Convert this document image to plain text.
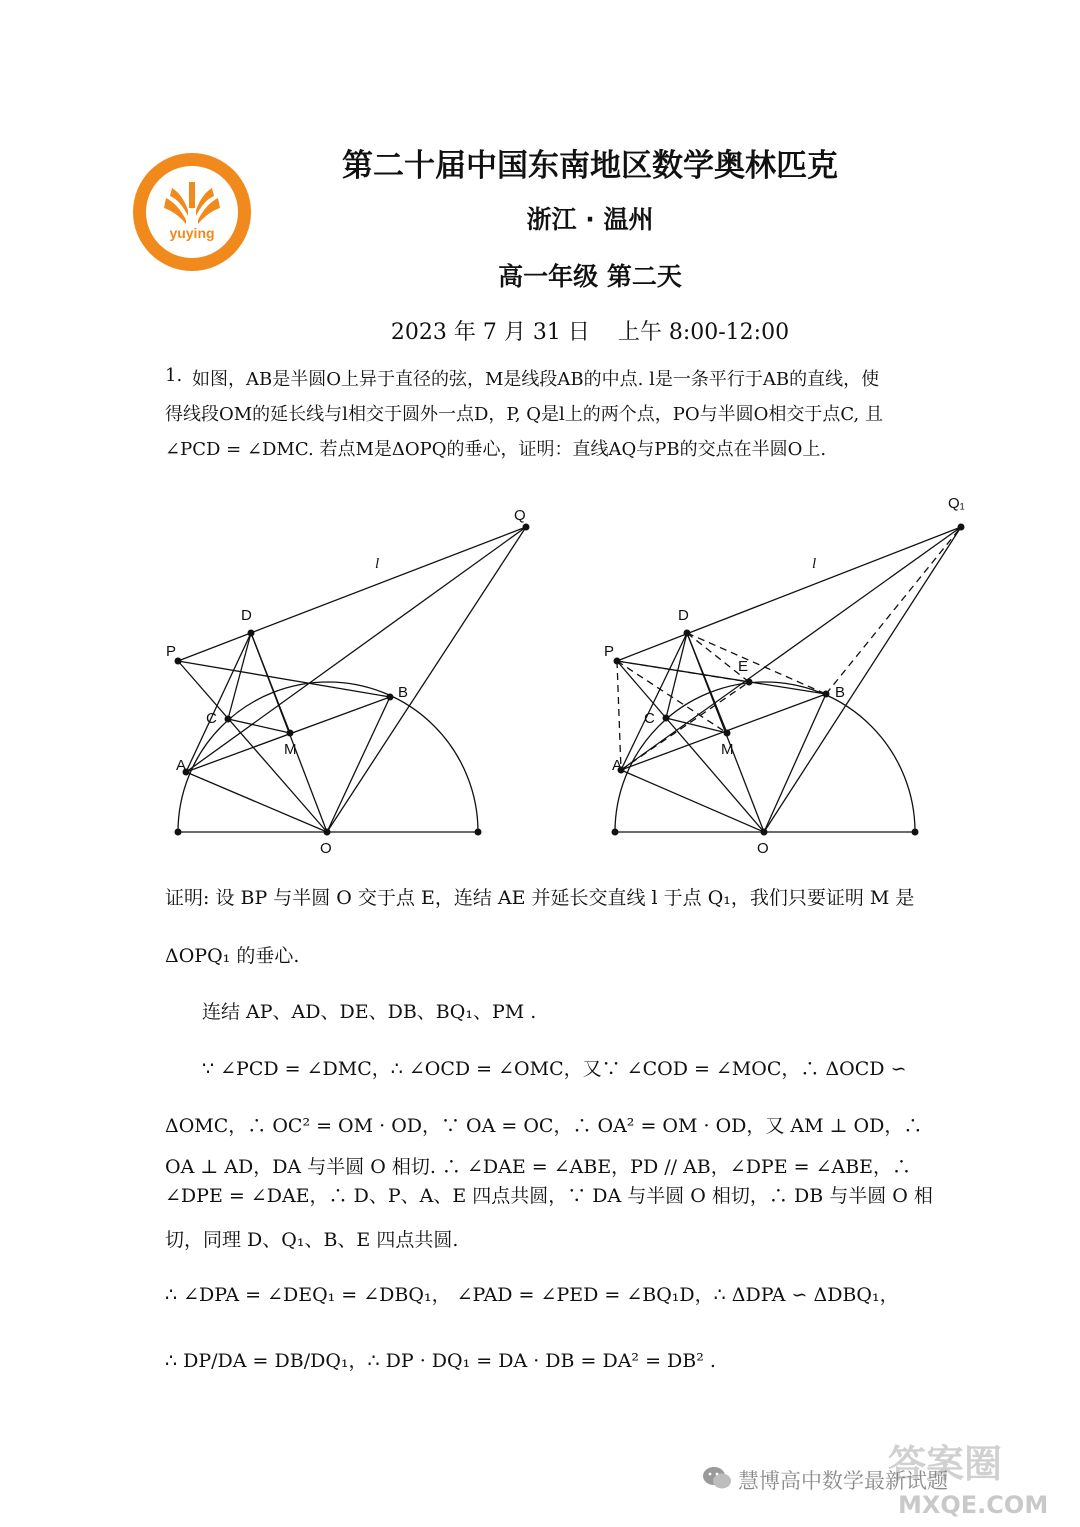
yuying
第二十届中国东南地区数学奥林匹克
浙江 · 温州
高一年级 第二天
2023 年 7 月 31 日    上午 8:00-12:00
1. 如图，AB是半圆O上异于直径的弦，M是线段AB的中点. l是一条平行于AB的直线，使
得线段OM的延长线与l相交于圆外一点D，P, Q是l上的两个点，PO与半圆O相交于点C, 且
∠PCD = ∠DMC. 若点M是ΔOPQ的垂心，证明：直线AQ与PB的交点在半圆O上.
Q
l
D
P
B
C
M
A
O
Q₁
l
D
P
E
B
C
M
A
O
证明: 设 BP 与半圆 O 交于点 E，连结 AE 并延长交直线 l 于点 Q₁，我们只要证明 M 是
ΔOPQ₁ 的垂心.
连结 AP、AD、DE、DB、BQ₁、PM .
∵ ∠PCD = ∠DMC，∴ ∠OCD = ∠OMC，又∵ ∠COD = ∠MOC，∴ ΔOCD ∽
ΔOMC，∴ OC² = OM · OD，∵ OA = OC，∴ OA² = OM · OD，又 AM ⊥ OD，∴
OA ⊥ AD，DA 与半圆 O 相切. ∴ ∠DAE = ∠ABE，PD // AB，∠DPE = ∠ABE，∴
∠DPE = ∠DAE，∴ D、P、A、E 四点共圆，∵ DA 与半圆 O 相切，∴ DB 与半圆 O 相
切，同理 D、Q₁、B、E 四点共圆.
∴ ∠DPA = ∠DEQ₁ = ∠DBQ₁， ∠PAD = ∠PED = ∠BQ₁D，∴ ΔDPA ∽ ΔDBQ₁，
∴ DP/DA = DB/DQ₁，∴ DP · DQ₁ = DA · DB = DA² = DB² .
慧博高中数学最新试题
答案圈
MXQE.COM
